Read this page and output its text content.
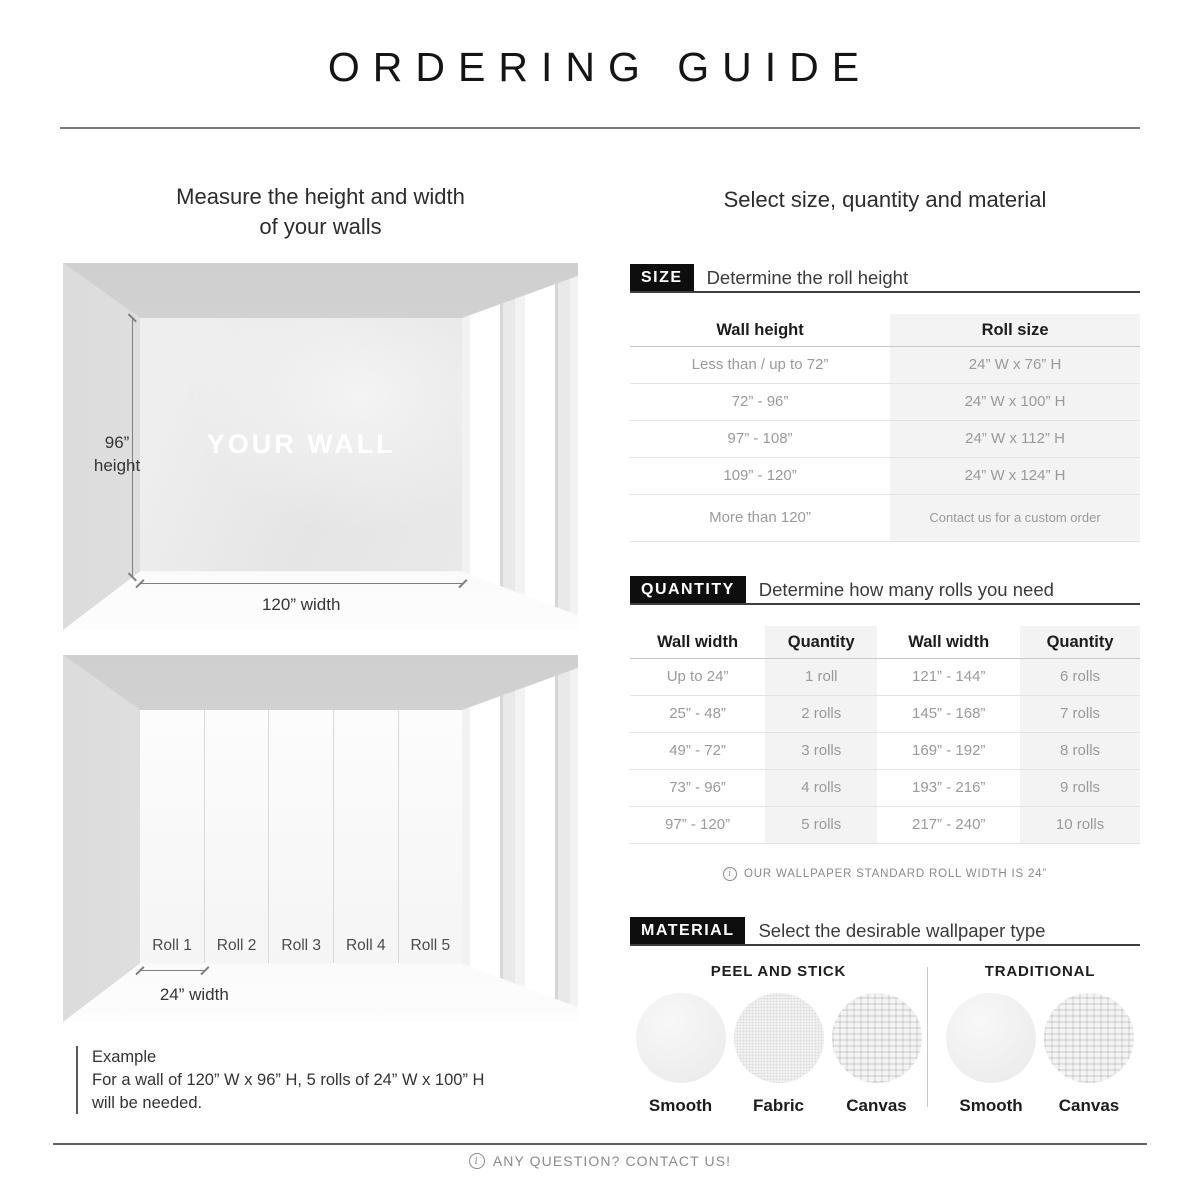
ORDERING GUIDE
Measure the height and width
of your walls
YOUR WALL
96”
height
120” width
Roll 1 Roll 2 Roll 3 Roll 4 Roll 5
24” width
Example
For a wall of 120” W x 96” H, 5 rolls of 24” W x 100” H
will be needed.
Select size, quantity and material
SIZE	Determine the roll height
Wall height	Roll size
Less than / up to 72”	24” W x 76” H
72” - 96”	24” W x 100” H
97” - 108”	24” W x 112” H
109” - 120”	24” W x 124” H
More than 120”	Contact us for a custom order
QUANTITY	Determine how many rolls you need
Wall width	Quantity	Wall width	Quantity
Up to 24”	1 roll	121” - 144”	6 rolls
25” - 48”	2 rolls	145” - 168”	7 rolls
49” - 72”	3 rolls	169” - 192”	8 rolls
73” - 96”	4 rolls	193” - 216”	9 rolls
97” - 120”	5 rolls	217” - 240”	10 rolls
i	OUR WALLPAPER STANDARD ROLL WIDTH IS 24”
MATERIAL	Select the desirable wallpaper type
PEEL AND STICK
Smooth Fabric Canvas
TRADITIONAL
Smooth Canvas
i ANY QUESTION? CONTACT US!
